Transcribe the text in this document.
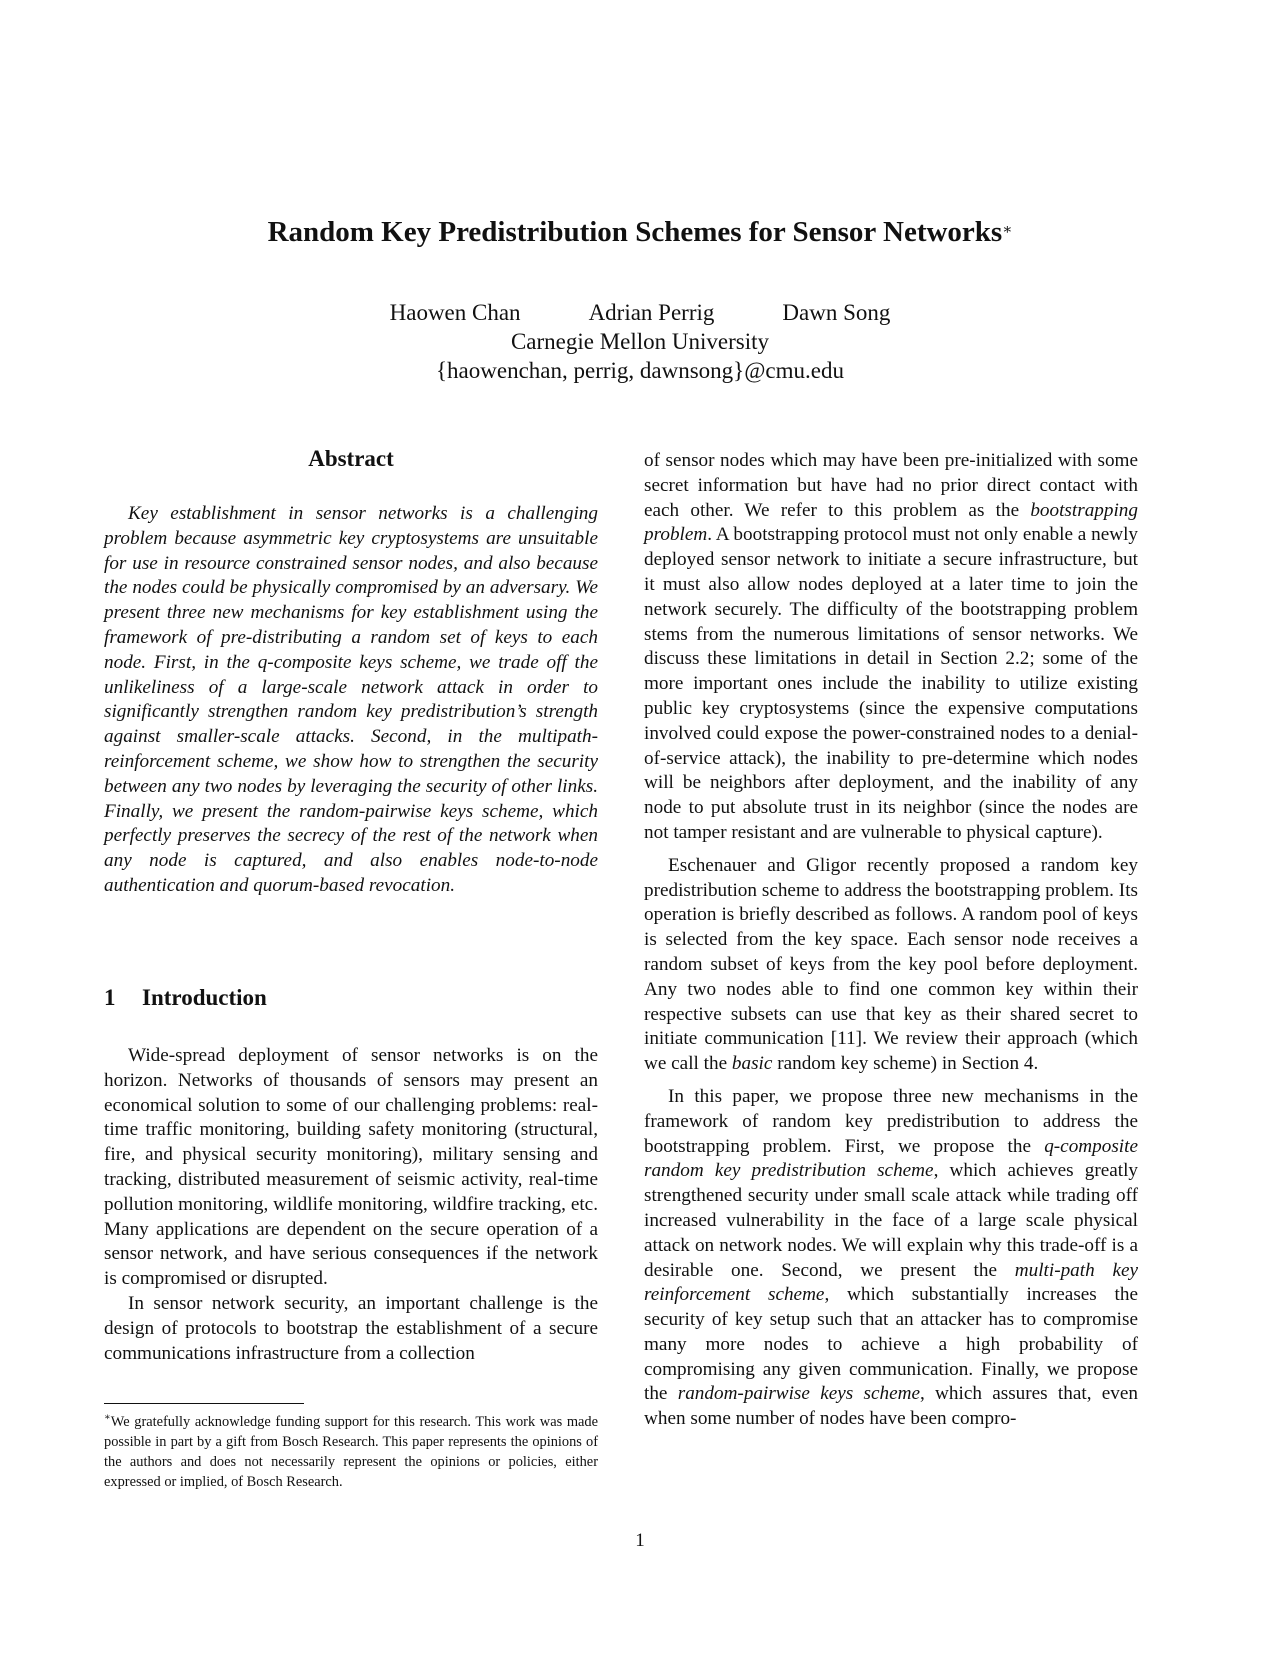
Random Key Predistribution Schemes for Sensor Networks∗
Haowen Chan	Adrian Perrig	Dawn Song
Carnegie Mellon University
{haowenchan, perrig, dawnsong}@cmu.edu
Abstract

Key establishment in sensor networks is a challenging problem because asymmetric key cryptosystems are unsuitable for use in resource constrained sensor nodes, and also because the nodes could be physically compromised by an adversary. We present three new mechanisms for key establishment using the framework of pre-distributing a random set of keys to each node. First, in the q-composite keys scheme, we trade off the unlikeliness of a large-scale network attack in order to significantly strengthen random key predistribution’s strength against smaller-scale attacks. Second, in the multipath-reinforcement scheme, we show how to strengthen the security between any two nodes by leveraging the security of other links. Finally, we present the random-pairwise keys scheme, which perfectly preserves the secrecy of the rest of the network when any node is captured, and also enables node-to-node authentication and quorum-based revocation.

1 Introduction

Wide-spread deployment of sensor networks is on the horizon. Networks of thousands of sensors may present an economical solution to some of our challenging problems: real-time traffic monitoring, building safety monitoring (structural, fire, and physical security monitoring), military sensing and tracking, distributed measurement of seismic activity, real-time pollution monitoring, wildlife monitoring, wildfire tracking, etc. Many applications are dependent on the secure operation of a sensor network, and have serious consequences if the network is compromised or disrupted.

In sensor network security, an important challenge is the design of protocols to bootstrap the establishment of a secure communications infrastructure from a collection

∗We gratefully acknowledge funding support for this research. This work was made possible in part by a gift from Bosch Research. This paper represents the opinions of the authors and does not necessarily represent the opinions or policies, either expressed or implied, of Bosch Research.

of sensor nodes which may have been pre-initialized with some secret information but have had no prior direct contact with each other. We refer to this problem as the bootstrapping problem. A bootstrapping protocol must not only enable a newly deployed sensor network to initiate a secure infrastructure, but it must also allow nodes deployed at a later time to join the network securely. The difficulty of the bootstrapping problem stems from the numerous limitations of sensor networks. We discuss these limitations in detail in Section 2.2; some of the more important ones include the inability to utilize existing public key cryptosystems (since the expensive computations involved could expose the power-constrained nodes to a denial-of-service attack), the inability to pre-determine which nodes will be neighbors after deployment, and the inability of any node to put absolute trust in its neighbor (since the nodes are not tamper resistant and are vulnerable to physical capture).

Eschenauer and Gligor recently proposed a random key predistribution scheme to address the bootstrapping problem. Its operation is briefly described as follows. A random pool of keys is selected from the key space. Each sensor node receives a random subset of keys from the key pool before deployment. Any two nodes able to find one common key within their respective subsets can use that key as their shared secret to initiate communication [11]. We review their approach (which we call the basic random key scheme) in Section 4.

In this paper, we propose three new mechanisms in the framework of random key predistribution to address the bootstrapping problem. First, we propose the q-composite random key predistribution scheme, which achieves greatly strengthened security under small scale attack while trading off increased vulnerability in the face of a large scale physical attack on network nodes. We will explain why this trade-off is a desirable one. Second, we present the multi-path key reinforcement scheme, which substantially increases the security of key setup such that an attacker has to compromise many more nodes to achieve a high probability of compromising any given communication. Finally, we propose the random-pairwise keys scheme, which assures that, even when some number of nodes have been compro-

1
